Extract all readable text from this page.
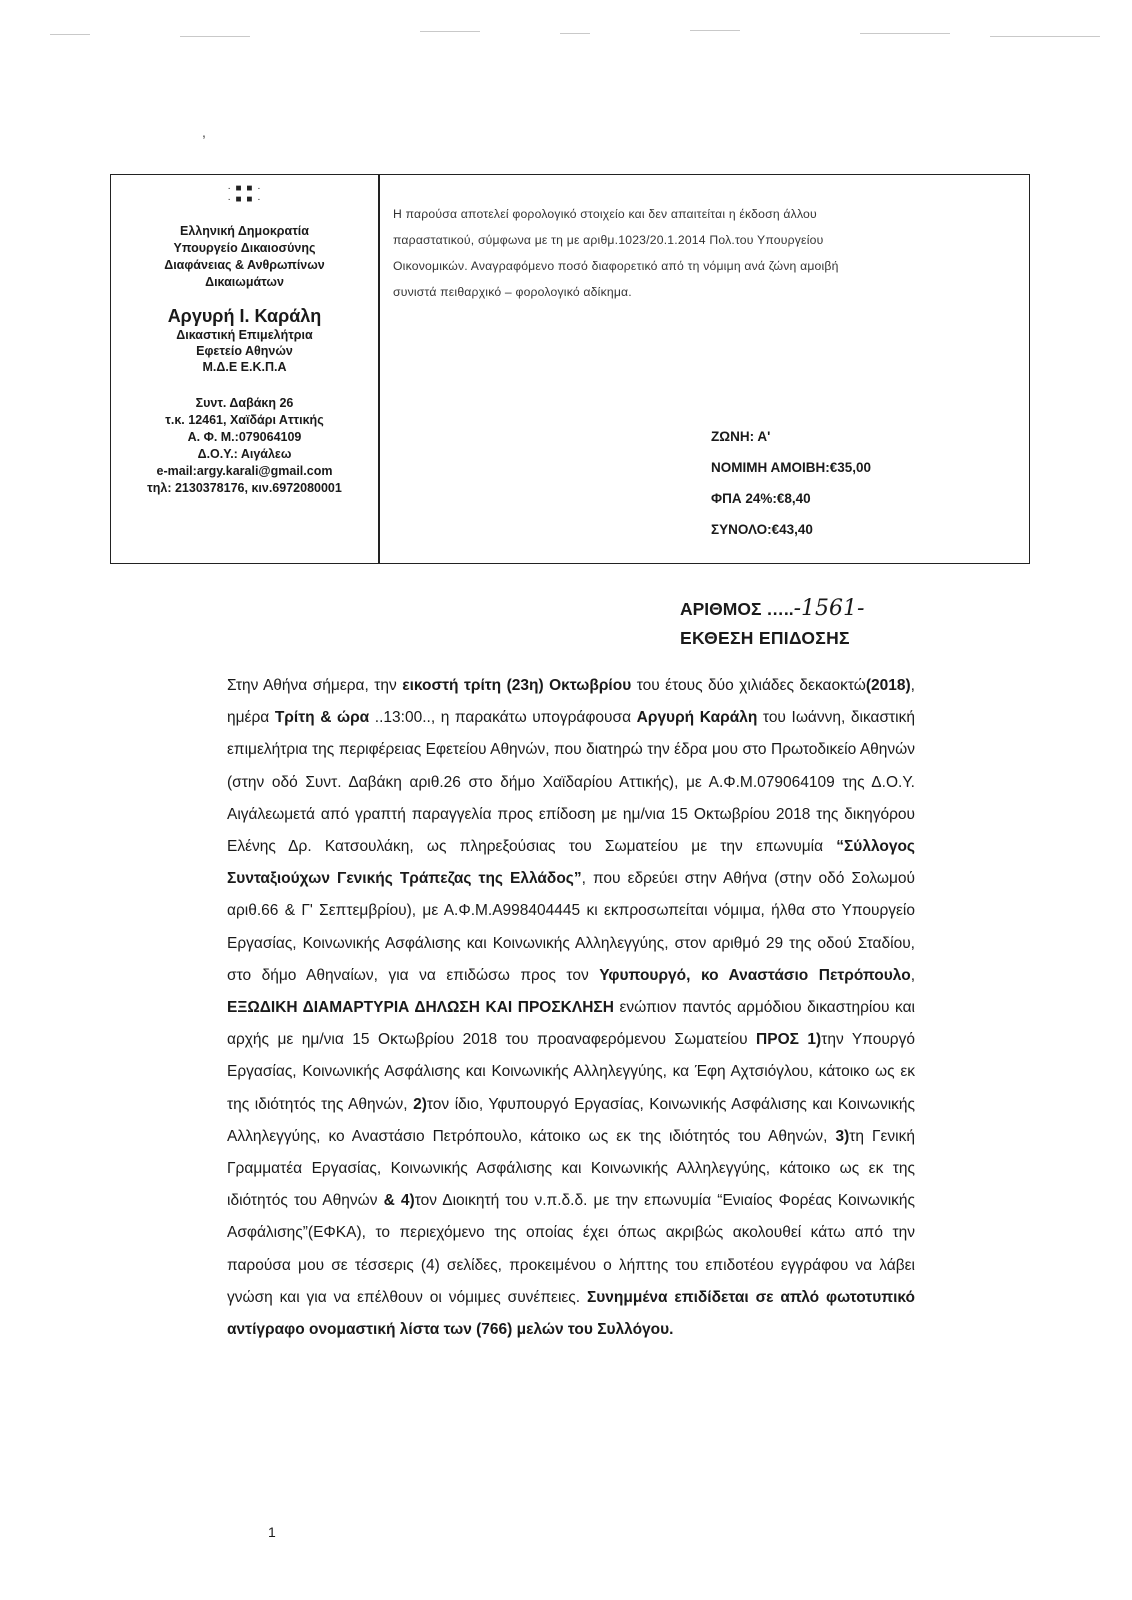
,
· ■ ■ ·
· ■ ■ ·
Ελληνική Δημοκρατία
Υπουργείο Δικαιοσύνης
Διαφάνειας & Ανθρωπίνων
Δικαιωμάτων
Αργυρή Ι. Καράλη
Δικαστική Επιμελήτρια
Εφετείο Αθηνών
Μ.Δ.Ε Ε.Κ.Π.Α
Συντ. Δαβάκη 26
τ.κ. 12461, Χαϊδάρι Αττικής
Α. Φ. Μ.:079064109
Δ.Ο.Υ.: Αιγάλεω
e-mail:argy.karali@gmail.com
τηλ: 2130378176, κιν.6972080001
Η παρούσα αποτελεί φορολογικό στοιχείο και δεν απαιτείται η έκδοση άλλου
παραστατικού, σύμφωνα με τη με αριθμ.1023/20.1.2014 Πολ.του Υπουργείου
Οικονομικών. Αναγραφόμενο ποσό διαφορετικό από τη νόμιμη ανά ζώνη αμοιβή
συνιστά πειθαρχικό – φορολογικό αδίκημα.
ΖΩΝΗ: Α'
ΝΟΜΙΜΗ ΑΜΟΙΒΗ:€35,00
ΦΠΑ 24%:€8,40
ΣΥΝΟΛΟ:€43,40
ΑΡΙΘΜΟΣ …..-1561-
ΕΚΘΕΣΗ ΕΠΙΔΟΣΗΣ

Στην Αθήνα σήμερα, την εικοστή τρίτη (23η) Οκτωβρίου του έτους δύο χιλιάδες δεκαοκτώ(2018), ημέρα Τρίτη & ώρα ..13:00.., η παρακάτω υπογράφουσα Αργυρή Καράλη του Ιωάννη, δικαστική επιμελήτρια της περιφέρειας Εφετείου Αθηνών, που διατηρώ την έδρα μου στο Πρωτοδικείο Αθηνών (στην οδό Συντ. Δαβάκη αριθ.26 στο δήμο Χαϊδαρίου Αττικής), με Α.Φ.Μ.079064109 της Δ.Ο.Υ. Αιγάλεωμετά από γραπτή παραγγελία προς επίδοση με ημ/νια 15 Οκτωβρίου 2018 της δικηγόρου Ελένης Δρ. Κατσουλάκη, ως πληρεξούσιας του Σωματείου με την επωνυμία “Σύλλογος Συνταξιούχων Γενικής Τράπεζας της Ελλάδος”, που εδρεύει στην Αθήνα (στην οδό Σολωμού αριθ.66 & Γ' Σεπτεμβρίου), με Α.Φ.Μ.Α998404445 κι εκπροσωπείται νόμιμα, ήλθα στο Υπουργείο Εργασίας, Κοινωνικής Ασφάλισης και Κοινωνικής Αλληλεγγύης, στον αριθμό 29 της οδού Σταδίου, στο δήμο Αθηναίων, για να επιδώσω προς τον Υφυπουργό, κο Αναστάσιο Πετρόπουλο, ΕΞΩΔΙΚΗ ΔΙΑΜΑΡΤΥΡΙΑ ΔΗΛΩΣΗ ΚΑΙ ΠΡΟΣΚΛΗΣΗ ενώπιον παντός αρμόδιου δικαστηρίου και αρχής με ημ/νια 15 Οκτωβρίου 2018 του προαναφερόμενου Σωματείου ΠΡΟΣ 1)την Υπουργό Εργασίας, Κοινωνικής Ασφάλισης και Κοινωνικής Αλληλεγγύης, κα Έφη Αχτσιόγλου, κάτοικο ως εκ της ιδιότητός της Αθηνών, 2)τον ίδιο, Υφυπουργό Εργασίας, Κοινωνικής Ασφάλισης και Κοινωνικής Αλληλεγγύης, κο Αναστάσιο Πετρόπουλο, κάτοικο ως εκ της ιδιότητός του Αθηνών, 3)τη Γενική Γραμματέα Εργασίας, Κοινωνικής Ασφάλισης και Κοινωνικής Αλληλεγγύης, κάτοικο ως εκ της ιδιότητός του Αθηνών & 4)τον Διοικητή του ν.π.δ.δ. με την επωνυμία “Ενιαίος Φορέας Κοινωνικής Ασφάλισης”(ΕΦΚΑ), το περιεχόμενο της οποίας έχει όπως ακριβώς ακολουθεί κάτω από την παρούσα μου σε τέσσερις (4) σελίδες, προκειμένου ο λήπτης του επιδοτέου εγγράφου να λάβει γνώση και για να επέλθουν οι νόμιμες συνέπειες. Συνημμένα επιδίδεται σε απλό φωτοτυπικό αντίγραφο ονομαστική λίστα των (766) μελών του Συλλόγου.

1
